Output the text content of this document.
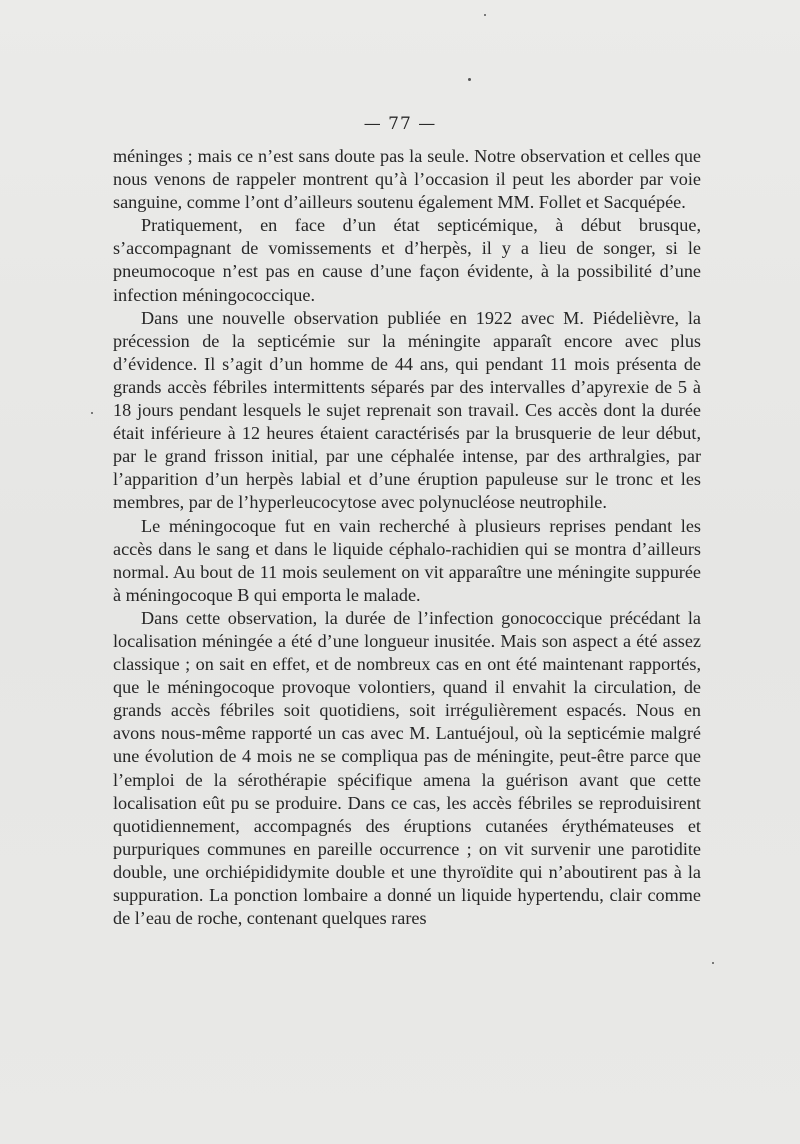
— 77 —

méninges ; mais ce n’est sans doute pas la seule. Notre observation et celles que nous venons de rappeler montrent qu’à l’occasion il peut les aborder par voie sanguine, comme l’ont d’ailleurs soutenu également MM. Follet et Sacquépée.

Pratiquement, en face d’un état septicémique, à début brusque, s’accompagnant de vomissements et d’herpès, il y a lieu de songer, si le pneumocoque n’est pas en cause d’une façon évidente, à la possibilité d’une infection méningococcique.

Dans une nouvelle observation publiée en 1922 avec M. Piédelièvre, la précession de la septicémie sur la méningite apparaît encore avec plus d’évidence. Il s’agit d’un homme de 44 ans, qui pendant 11 mois présenta de grands accès fébriles intermittents séparés par des intervalles d’apyrexie de 5 à 18 jours pendant lesquels le sujet reprenait son travail. Ces accès dont la durée était inférieure à 12 heures étaient caractérisés par la brusquerie de leur début, par le grand frisson initial, par une céphalée intense, par des arthralgies, par l’apparition d’un herpès labial et d’une éruption papuleuse sur le tronc et les membres, par de l’hyperleucocytose avec polynucléose neutrophile.

Le méningocoque fut en vain recherché à plusieurs reprises pendant les accès dans le sang et dans le liquide céphalo-rachidien qui se montra d’ailleurs normal. Au bout de 11 mois seulement on vit apparaître une méningite suppurée à méningocoque B qui emporta le malade.

Dans cette observation, la durée de l’infection gonococcique précédant la localisation méningée a été d’une longueur inusitée. Mais son aspect a été assez classique ; on sait en effet, et de nombreux cas en ont été maintenant rapportés, que le méningocoque provoque volontiers, quand il envahit la circulation, de grands accès fébriles soit quotidiens, soit irrégulièrement espacés. Nous en avons nous-même rapporté un cas avec M. Lantuéjoul, où la septicémie malgré une évolution de 4 mois ne se compliqua pas de méningite, peut-être parce que l’emploi de la sérothérapie spécifique amena la guérison avant que cette localisation eût pu se produire. Dans ce cas, les accès fébriles se reproduisirent quotidiennement, accompagnés des éruptions cutanées érythémateuses et purpuriques communes en pareille occurrence ; on vit survenir une parotidite double, une orchiépididymite double et une thyroïdite qui n’aboutirent pas à la suppuration. La ponction lombaire a donné un liquide hypertendu, clair comme de l’eau de roche, contenant quelques rares
